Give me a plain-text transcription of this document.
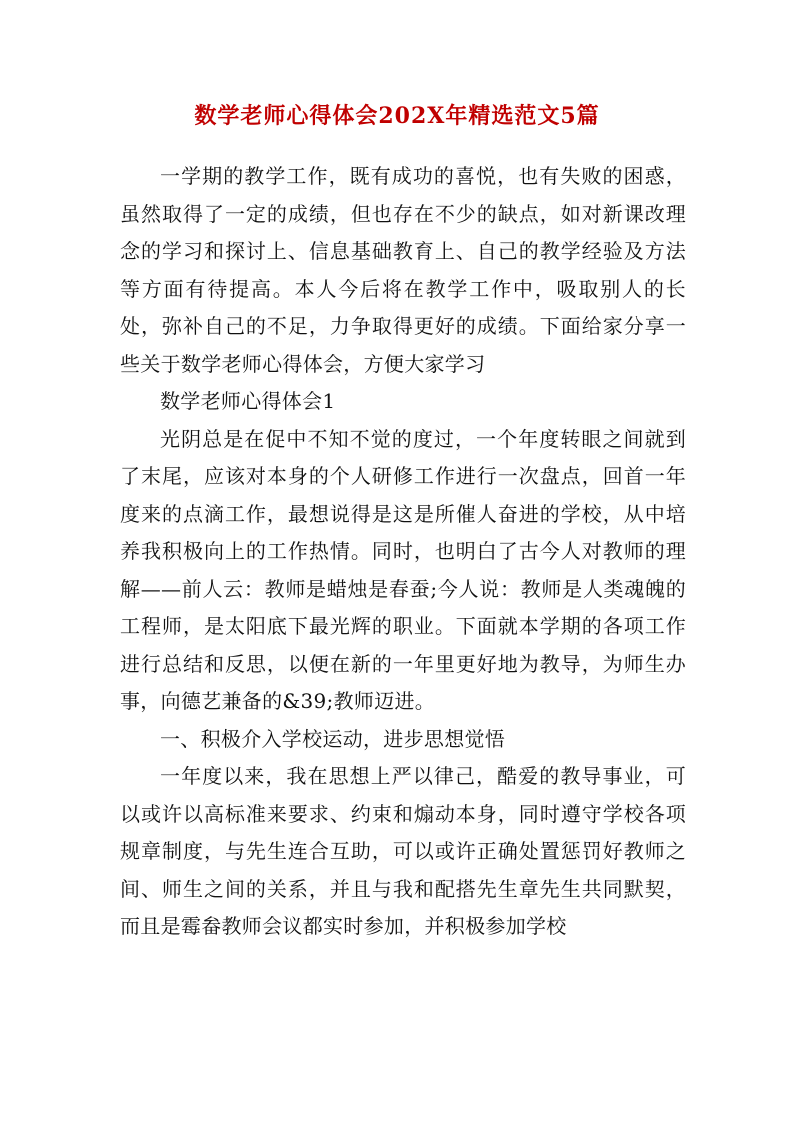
数学老师心得体会202X年精选范文5篇

一学期的教学工作，既有成功的喜悦，也有失败的困惑，虽然取得了一定的成绩，但也存在不少的缺点，如对新课改理念的学习和探讨上、信息基础教育上、自己的教学经验及方法等方面有待提高。本人今后将在教学工作中，吸取别人的长处，弥补自己的不足，力争取得更好的成绩。下面给家分享一些关于数学老师心得体会，方便大家学习

数学老师心得体会1

光阴总是在促中不知不觉的度过，一个年度转眼之间就到了末尾，应该对本身的个人研修工作进行一次盘点，回首一年度来的点滴工作，最想说得是这是所催人奋进的学校，从中培养我积极向上的工作热情。同时，也明白了古今人对教师的理解——前人云：教师是蜡烛是春蚕;今人说：教师是人类魂魄的工程师，是太阳底下最光辉的职业。下面就本学期的各项工作进行总结和反思，以便在新的一年里更好地为教导，为师生办事，向德艺兼备的&39;教师迈进。

一、积极介入学校运动，进步思想觉悟

一年度以来，我在思想上严以律己，酷爱的教导事业，可以或许以高标准来要求、约束和煽动本身，同时遵守学校各项规章制度，与先生连合互助，可以或许正确处置惩罚好教师之间、师生之间的关系，并且与我和配搭先生章先生共同默契，而且是霉畚教师会议都实时参加，并积极参加学校
